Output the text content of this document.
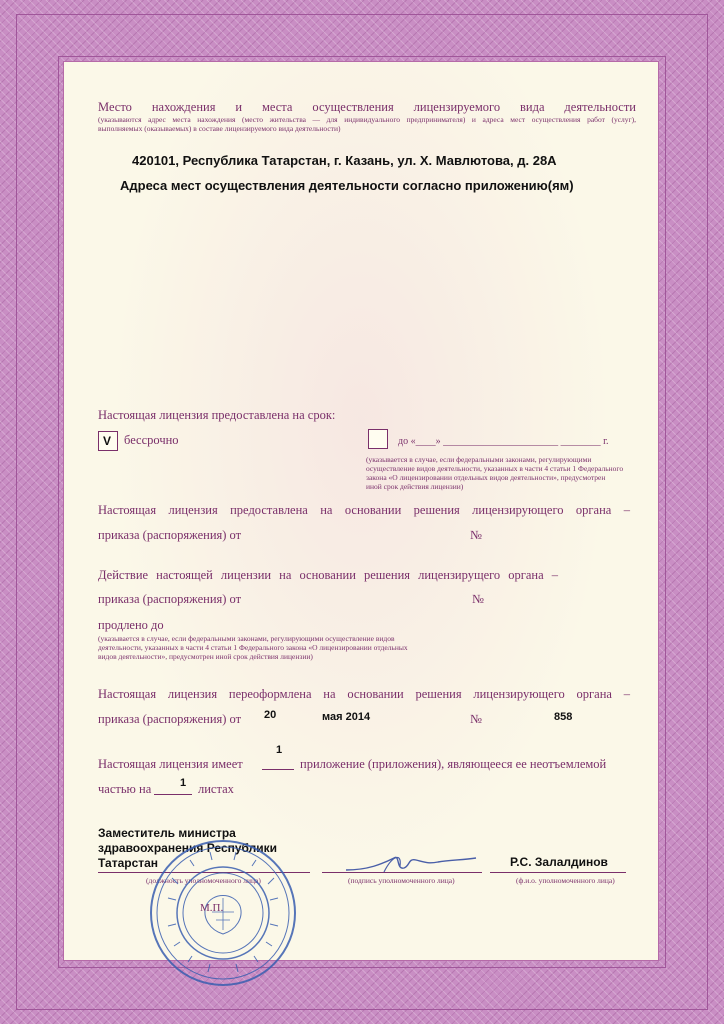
Место нахождения и места осуществления лицензируемого вида деятельности
(указываются адрес места нахождения (место жительства — для индивидуального предпринимателя) и адреса мест осуществления работ (услуг),
выполняемых (оказываемых) в составе лицензируемого вида деятельности)
420101, Республика Татарстан, г. Казань, ул. Х. Мавлютова, д. 28А
Адреса мест осуществления деятельности согласно приложению(ям)
Настоящая лицензия предоставлена на срок:
V бессрочно	до «____» _______________________ ________ г.
(указывается в случае, если федеральными законами, регулирующими
осуществление видов деятельности, указанных в части 4 статьи 1 Федерального
закона «О лицензировании отдельных видов деятельности», предусмотрен
иной срок действия лицензии)
Настоящая лицензия предоставлена на основании решения лицензирующего органа –
приказа (распоряжения) от	№
Действие настоящей лицензии на основании решения лицензирущего органа –
приказа (распоряжения) от	№
продлено до
(указывается в случае, если федеральными законами, регулирующими осуществление видов
деятельности, указанных в части 4 статьи 1 Федерального закона «О лицензировании отдельных
видов деятельности», предусмотрен иной срок действия лицензии)
Настоящая лицензия переоформлена на основании решения лицензирующего органа –
приказа (распоряжения) от 20	мая 2014	№	858
Настоящая лицензия имеет
1
приложение (приложения), являющееся ее неотъемлемой
частью на	1 листах
Заместитель министра
здравоохранения Республики
Татарстан
(должность уполномоченного лица)	(подпись уполномоченного лица)
Р.С. Залалдинов
(ф.и.о. уполномоченного лица)
М.П.
